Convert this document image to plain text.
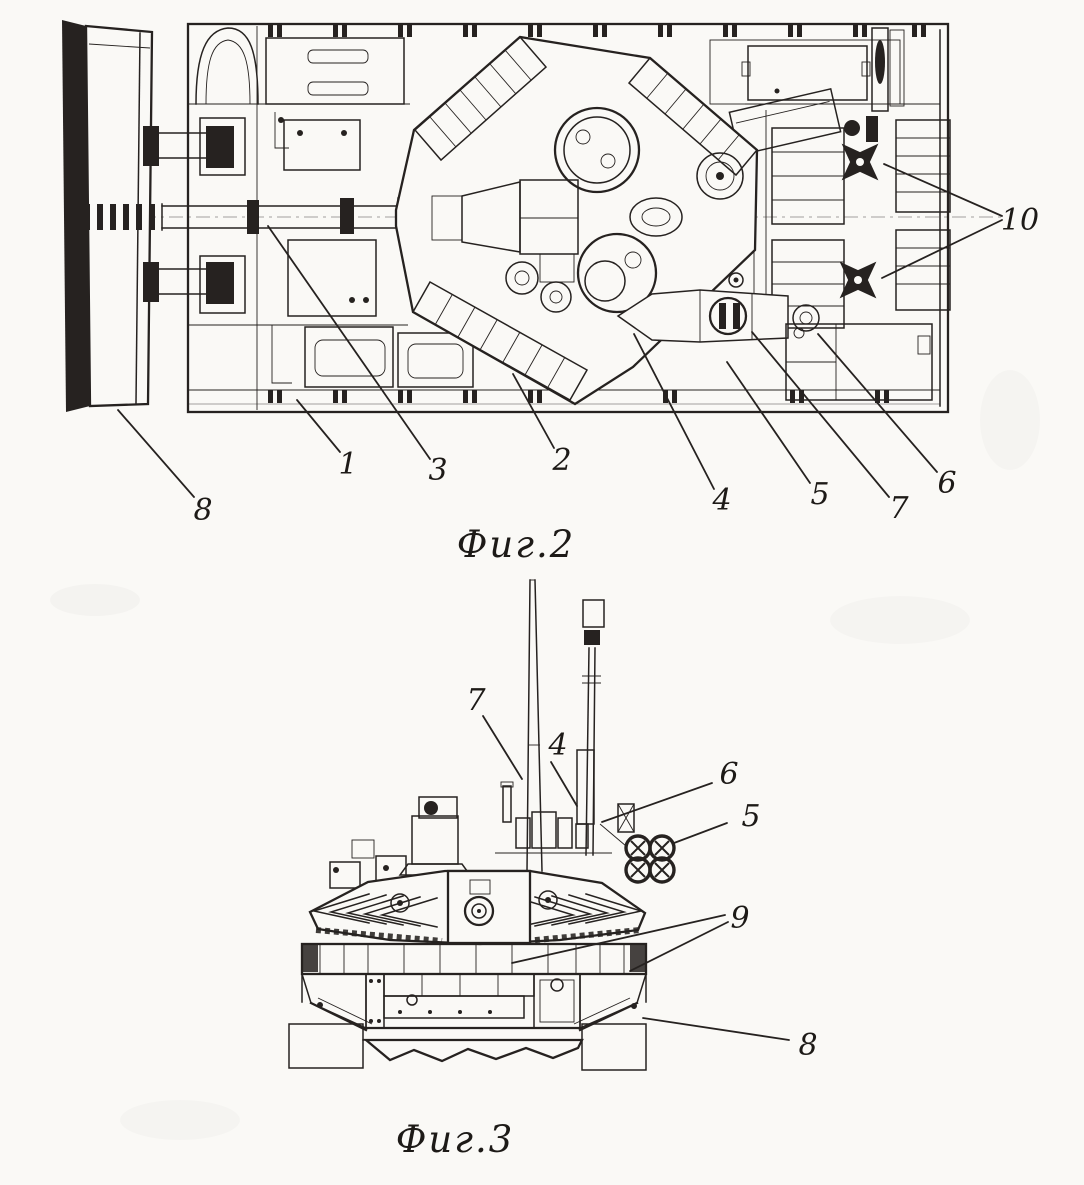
8
1 3	2
4	5 7
6
10
Фиг.2
7
4
6
5
9
8
Фиг.3
